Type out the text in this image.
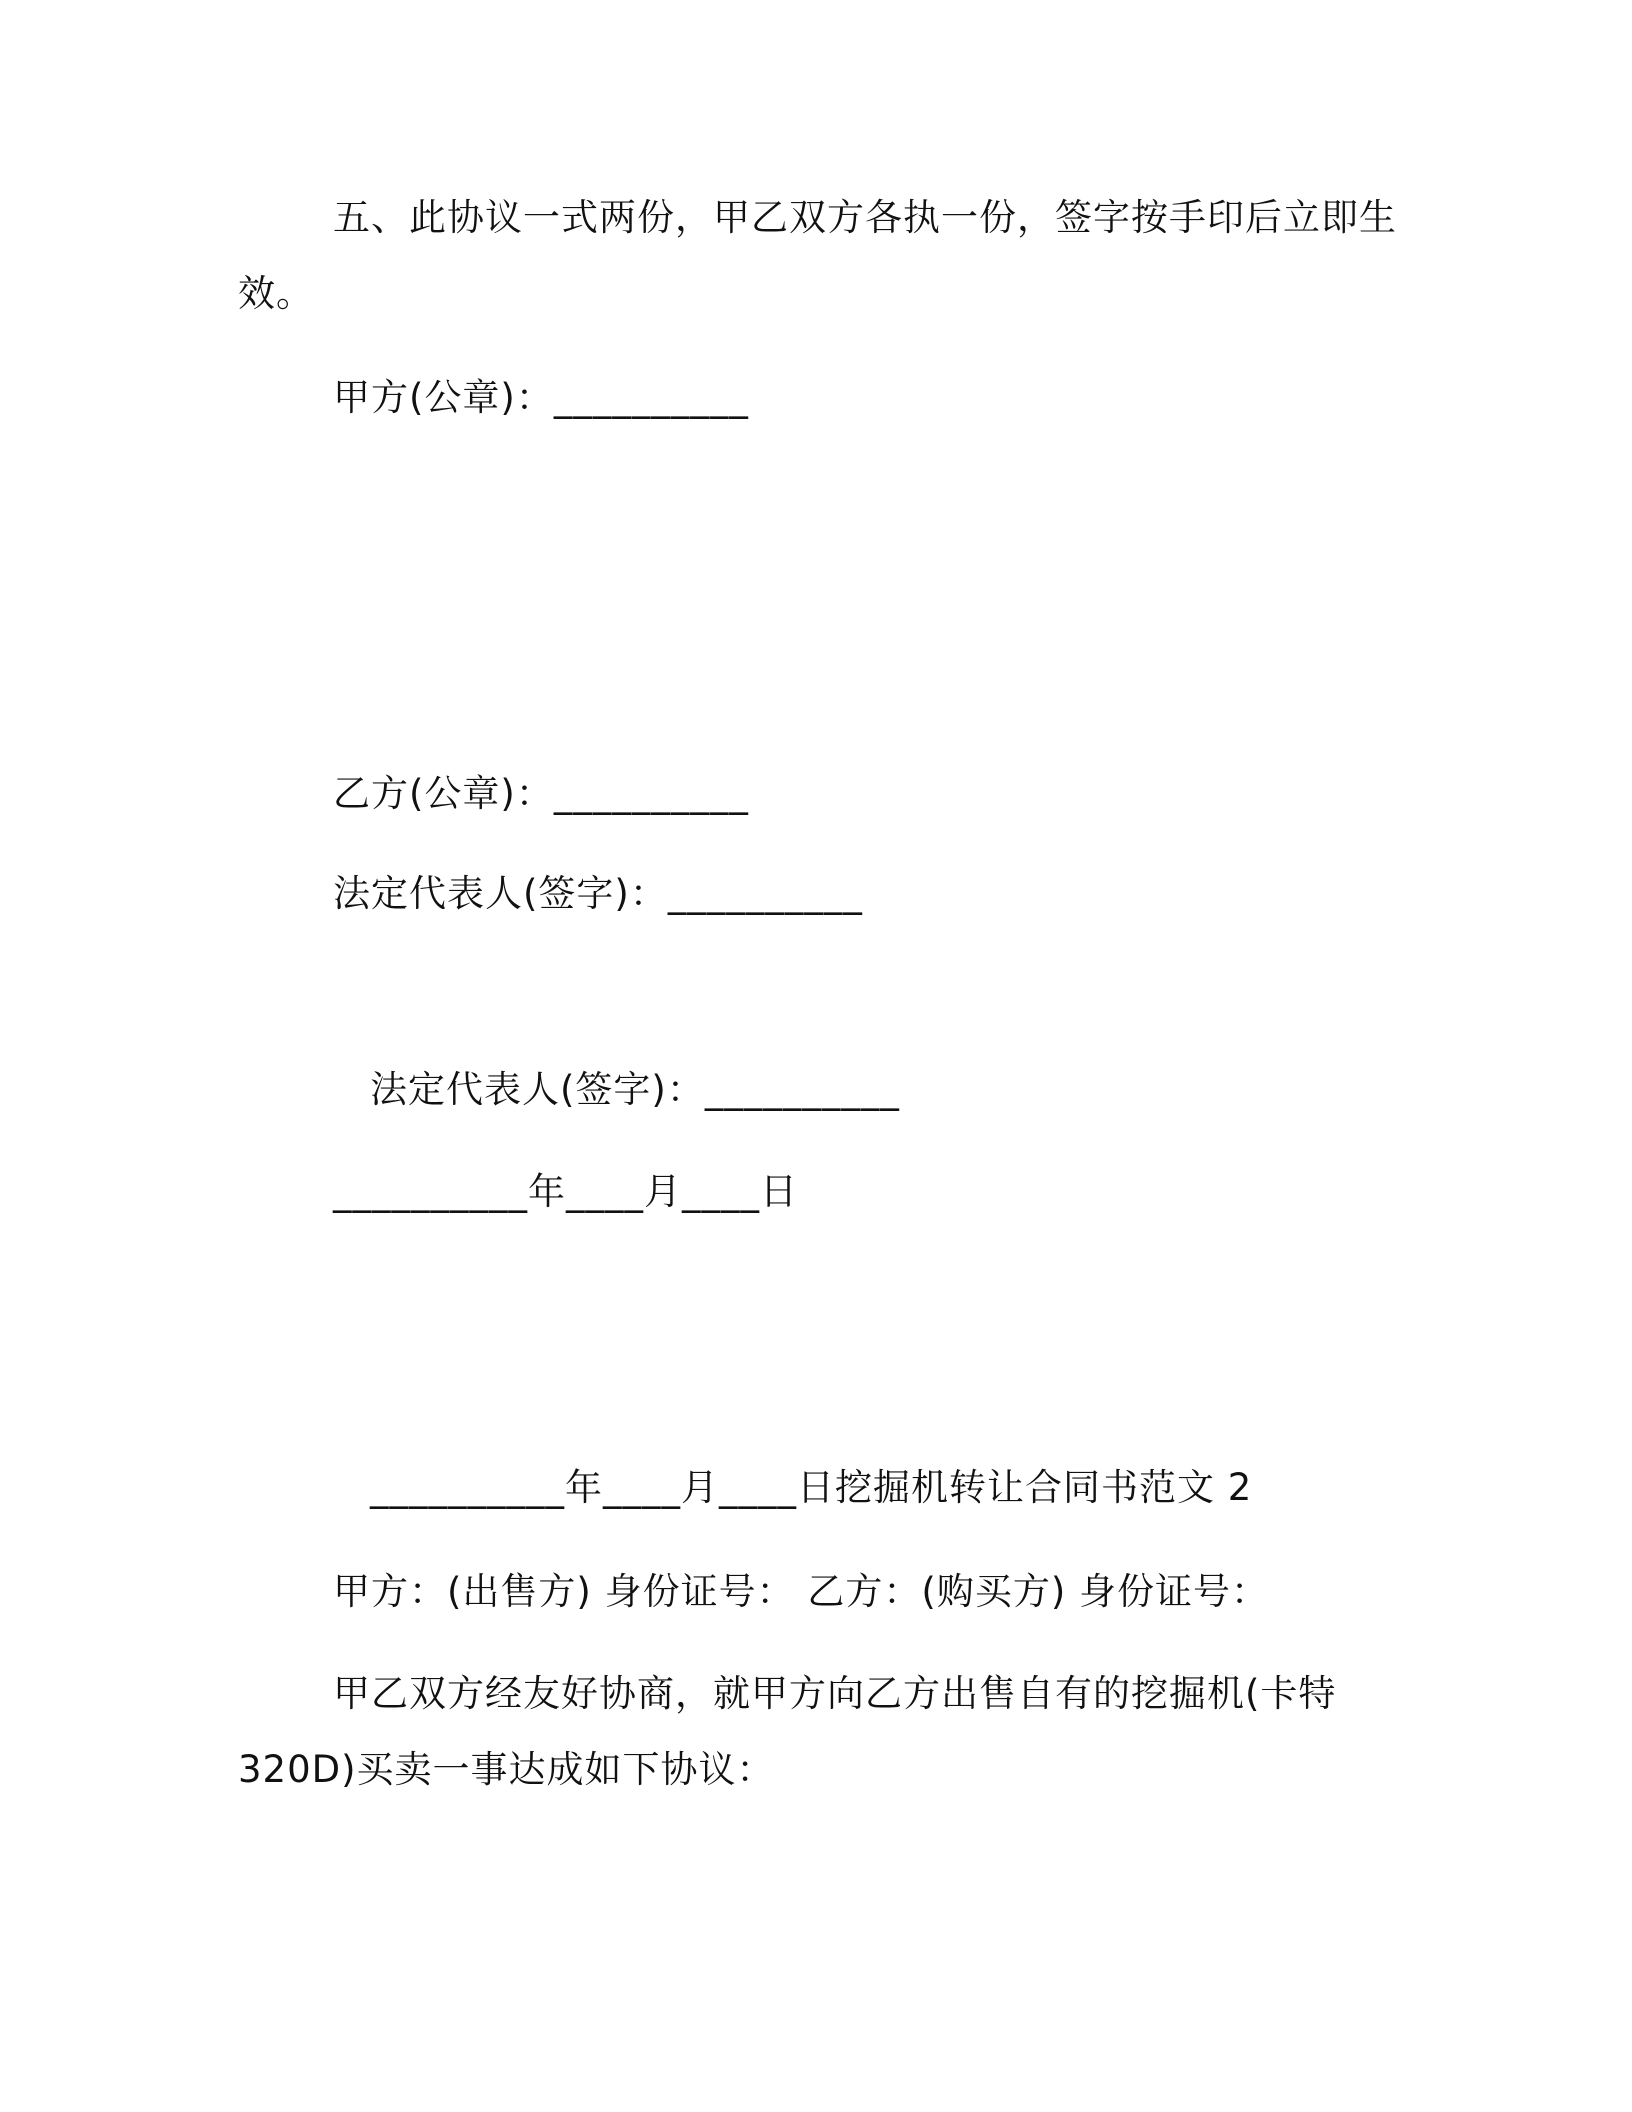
五、此协议一式两份，甲乙双方各执一份，签字按手印后立即生
效。
甲方(公章)：__________
乙方(公章)：__________
法定代表人(签字)：__________
法定代表人(签字)：__________
__________年____月____日
__________年____月____日挖掘机转让合同书范文 2
甲方：(出售方) 身份证号： 乙方：(购买方) 身份证号：
甲乙双方经友好协商，就甲方向乙方出售自有的挖掘机(卡特
320D)买卖一事达成如下协议：
